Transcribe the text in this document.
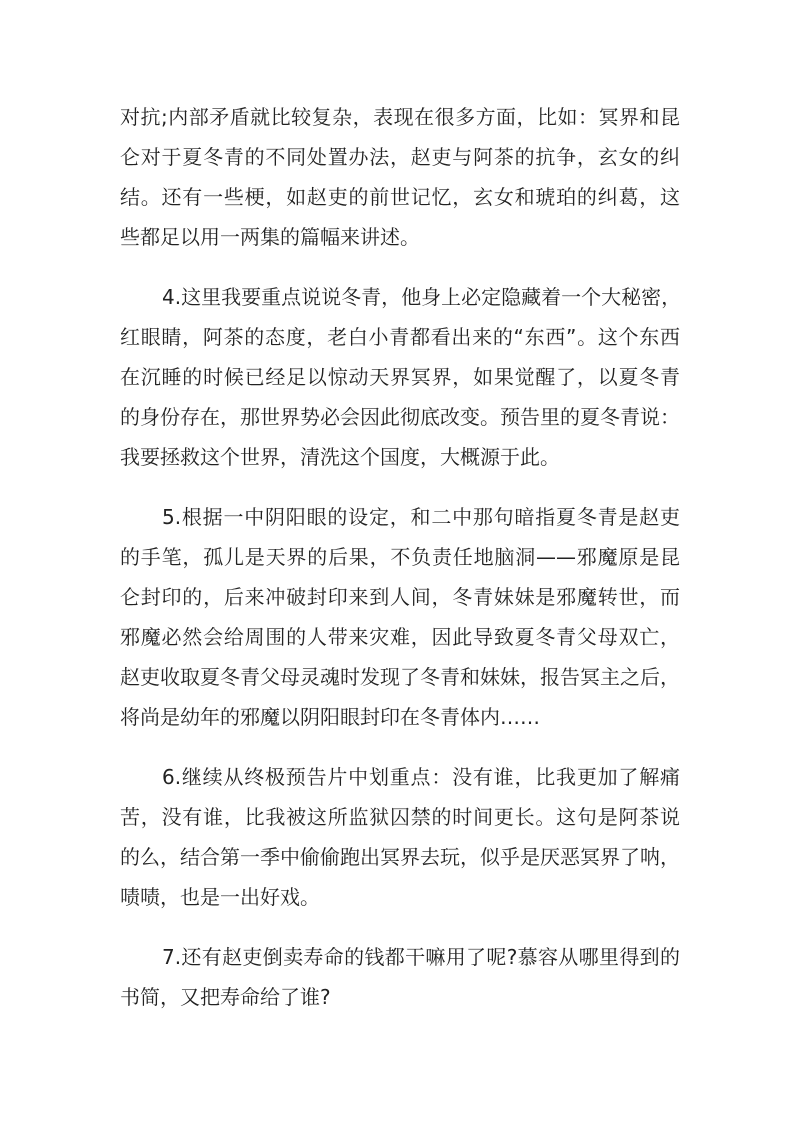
对抗;内部矛盾就比较复杂，表现在很多方面，比如：冥界和昆
仑对于夏冬青的不同处置办法，赵吏与阿茶的抗争，玄女的纠
结。还有一些梗，如赵吏的前世记忆，玄女和琥珀的纠葛，这
些都足以用一两集的篇幅来讲述。

4.这里我要重点说说冬青，他身上必定隐藏着一个大秘密，
红眼睛，阿茶的态度，老白小青都看出来的“东西”。这个东西
在沉睡的时候已经足以惊动天界冥界，如果觉醒了，以夏冬青
的身份存在，那世界势必会因此彻底改变。预告里的夏冬青说：
我要拯救这个世界，清洗这个国度，大概源于此。

5.根据一中阴阳眼的设定，和二中那句暗指夏冬青是赵吏
的手笔，孤儿是天界的后果，不负责任地脑洞——邪魔原是昆
仑封印的，后来冲破封印来到人间，冬青妹妹是邪魔转世，而
邪魔必然会给周围的人带来灾难，因此导致夏冬青父母双亡，
赵吏收取夏冬青父母灵魂时发现了冬青和妹妹，报告冥主之后，
将尚是幼年的邪魔以阴阳眼封印在冬青体内……

6.继续从终极预告片中划重点：没有谁，比我更加了解痛
苦，没有谁，比我被这所监狱囚禁的时间更长。这句是阿茶说
的么，结合第一季中偷偷跑出冥界去玩，似乎是厌恶冥界了呐，
啧啧，也是一出好戏。

7.还有赵吏倒卖寿命的钱都干嘛用了呢?慕容从哪里得到的
书简，又把寿命给了谁?
